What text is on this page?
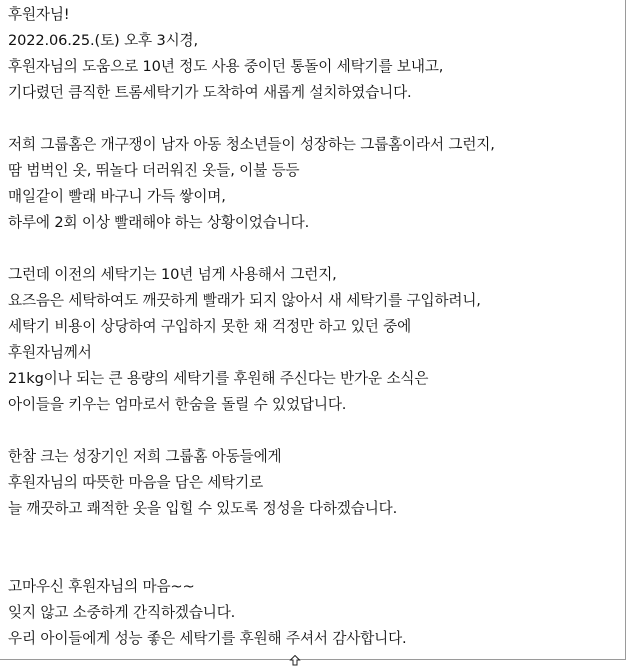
후원자님!
2022.06.25.(토) 오후 3시경,
후원자님의 도움으로 10년 정도 사용 중이던 통돌이 세탁기를 보내고,
기다렸던 큼직한 트롬세탁기가 도착하여 새롭게 설치하였습니다.
저희 그룹홈은 개구쟁이 남자 아동 청소년들이 성장하는 그룹홈이라서 그런지,
땀 범벅인 옷, 뛰놀다 더러워진 옷들, 이불 등등
매일같이 빨래 바구니 가득 쌓이며,
하루에 2회 이상 빨래해야 하는 상황이었습니다.
그런데 이전의 세탁기는 10년 넘게 사용해서 그런지,
요즈음은 세탁하여도 깨끗하게 빨래가 되지 않아서 새 세탁기를 구입하려니,
세탁기 비용이 상당하여 구입하지 못한 채 걱정만 하고 있던 중에
후원자님께서
21kg이나 되는 큰 용량의 세탁기를 후원해 주신다는 반가운 소식은
아이들을 키우는 엄마로서 한숨을 돌릴 수 있었답니다.
한참 크는 성장기인 저희 그룹홈 아동들에게
후원자님의 따뜻한 마음을 담은 세탁기로
늘 깨끗하고 쾌적한 옷을 입힐 수 있도록 정성을 다하겠습니다.
고마우신 후원자님의 마음~~
잊지 않고 소중하게 간직하겠습니다.
우리 아이들에게 성능 좋은 세탁기를 후원해 주셔서 감사합니다.
